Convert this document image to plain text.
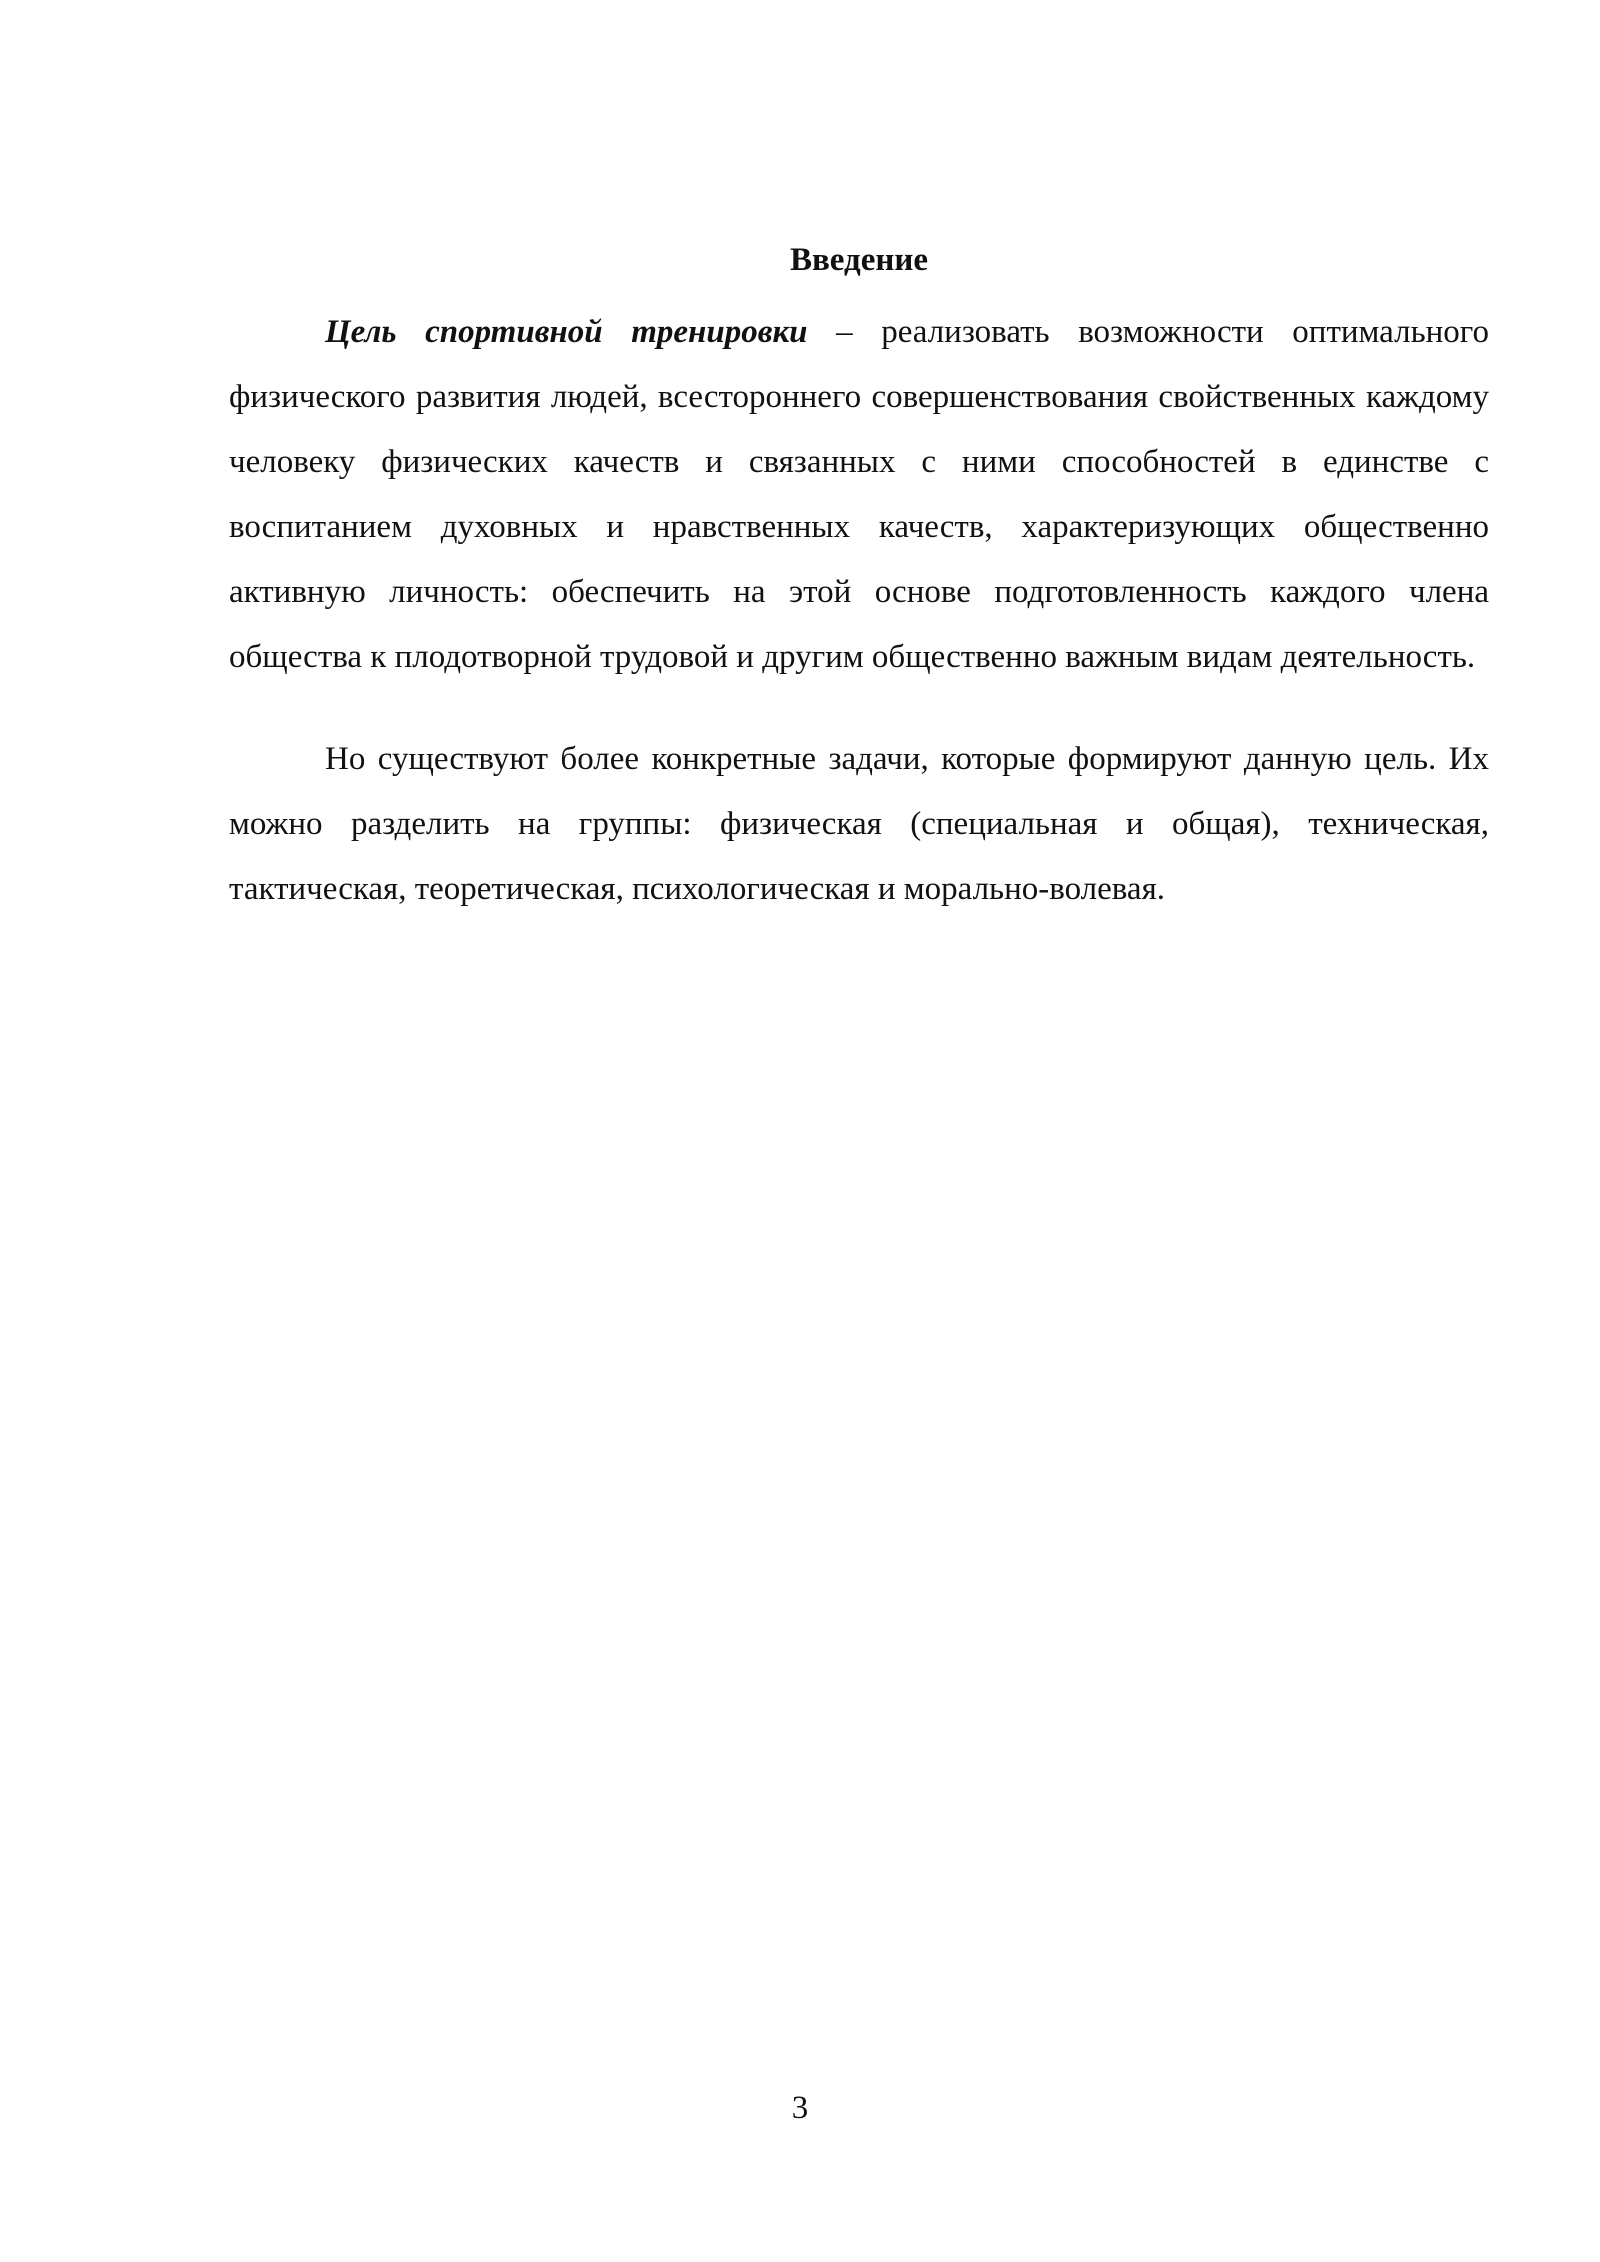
Введение

Цель спортивной тренировки – реализовать возможности оптимального физического развития людей, всестороннего совершенствования свойственных каждому человеку физических качеств и связанных с ними способностей в единстве с воспитанием духовных и нравственных качеств, характеризующих общественно активную личность: обеспечить на этой основе подготовленность каждого члена общества к плодотворной трудовой и другим общественно важным видам деятельность.

Но существуют более конкретные задачи, которые формируют данную цель. Их можно разделить на группы: физическая (специальная и общая), техническая, тактическая, теоретическая, психологическая и морально-волевая.

3
